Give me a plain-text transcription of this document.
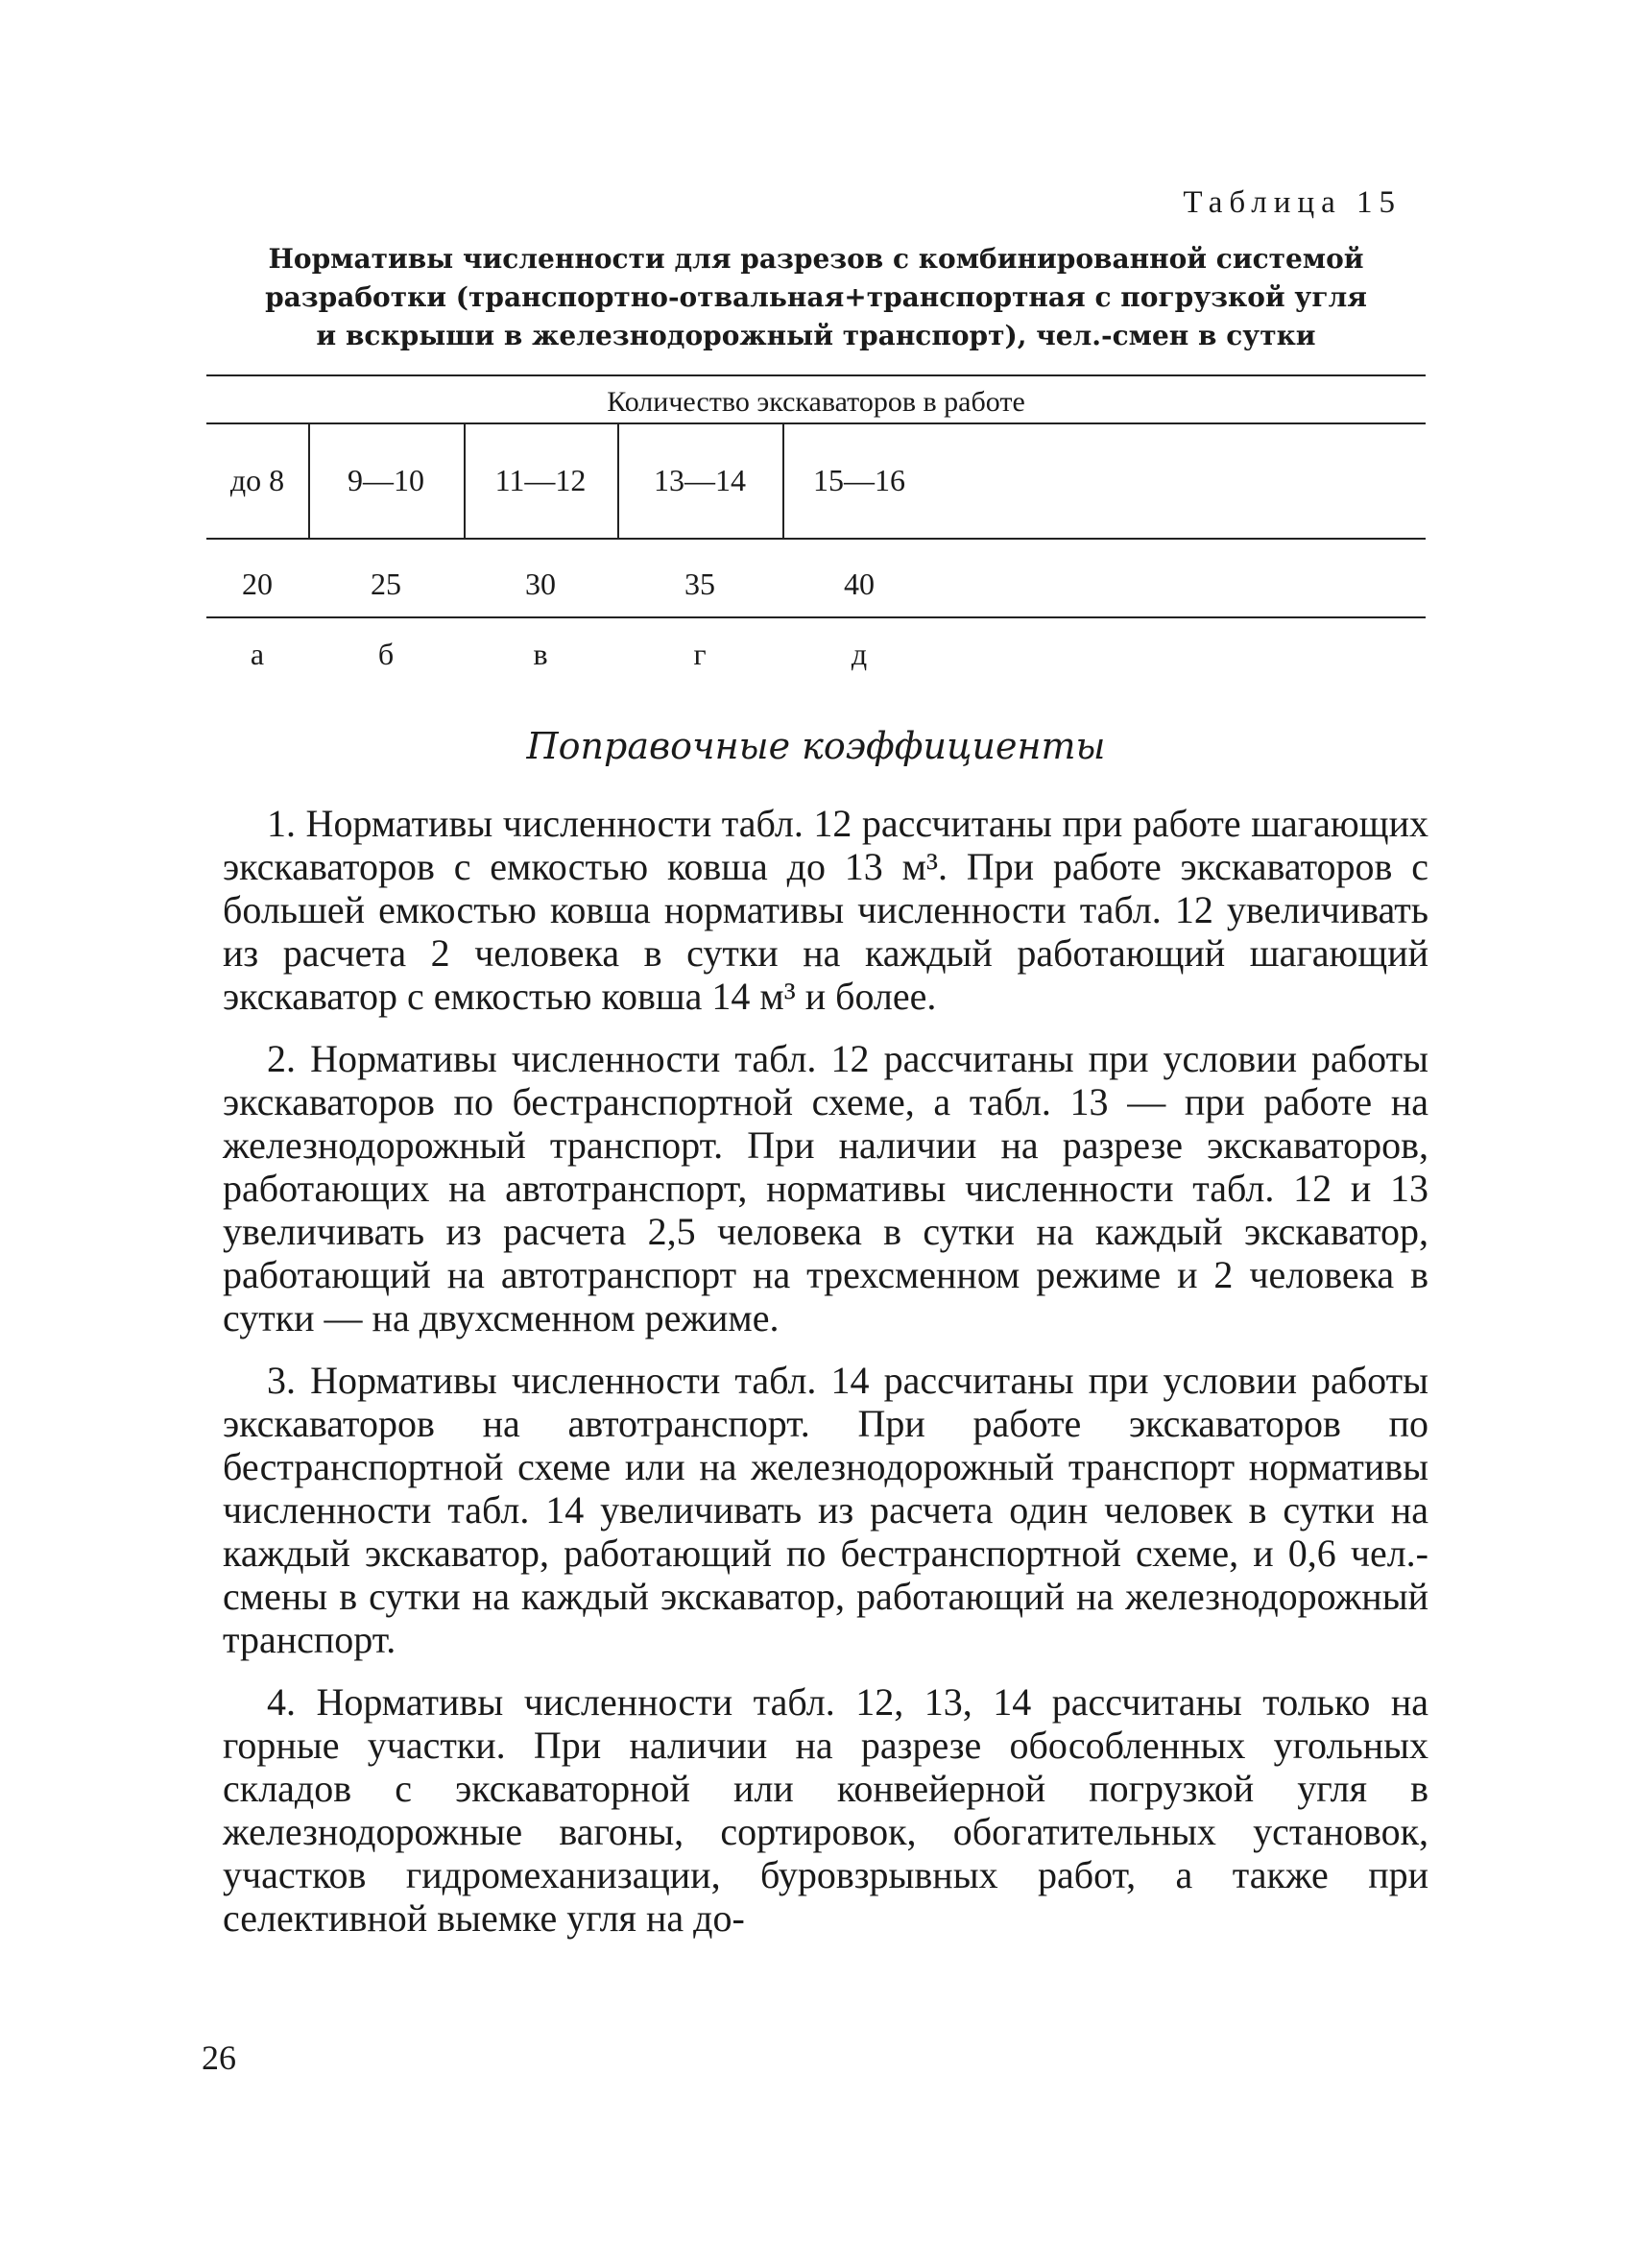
Таблица 15
Нормативы численности для разрезов с комбинированной системой
разработки (транспортно-отвальная+транспортная с погрузкой угля
и вскрыши в железнодорожный транспорт), чел.-смен в сутки
Количество экскаваторов в работе
до 8	9—10	11—12	13—14	15—16
20	25	30	35	40
а	б	в	г	д
Поправочные коэффициенты

1. Нормативы численности табл. 12 рассчитаны при работе шагающих экскаваторов с емкостью ковша до 13 м³. При работе экскаваторов с большей емкостью ковша нормативы численности табл. 12 увеличивать из расчета 2 человека в сутки на каждый работающий шагающий экскаватор с емкостью ковша 14 м³ и более.

2. Нормативы численности табл. 12 рассчитаны при условии работы экскаваторов по бестранспортной схеме, а табл. 13 — при работе на железнодорожный транспорт. При наличии на разрезе экскаваторов, работающих на автотранспорт, нормативы численности табл. 12 и 13 увеличивать из расчета 2,5 человека в сутки на каждый экскаватор, работающий на автотранспорт на трехсменном режиме и 2 человека в сутки — на двухсменном режиме.

3. Нормативы численности табл. 14 рассчитаны при условии работы экскаваторов на автотранспорт. При работе экскаваторов по бестранспортной схеме или на железнодорожный транспорт нормативы численности табл. 14 увеличивать из расчета один человек в сутки на каждый экскаватор, работающий по бестранспортной схеме, и 0,6 чел.-смены в сутки на каждый экскаватор, работающий на железнодорожный транспорт.

4. Нормативы численности табл. 12, 13, 14 рассчитаны только на горные участки. При наличии на разрезе обособленных угольных складов с экскаваторной или конвейерной погрузкой угля в железнодорожные вагоны, сортировок, обогатительных установок, участков гидромеханизации, буровзрывных работ, а также при селективной выемке угля на до-

26
